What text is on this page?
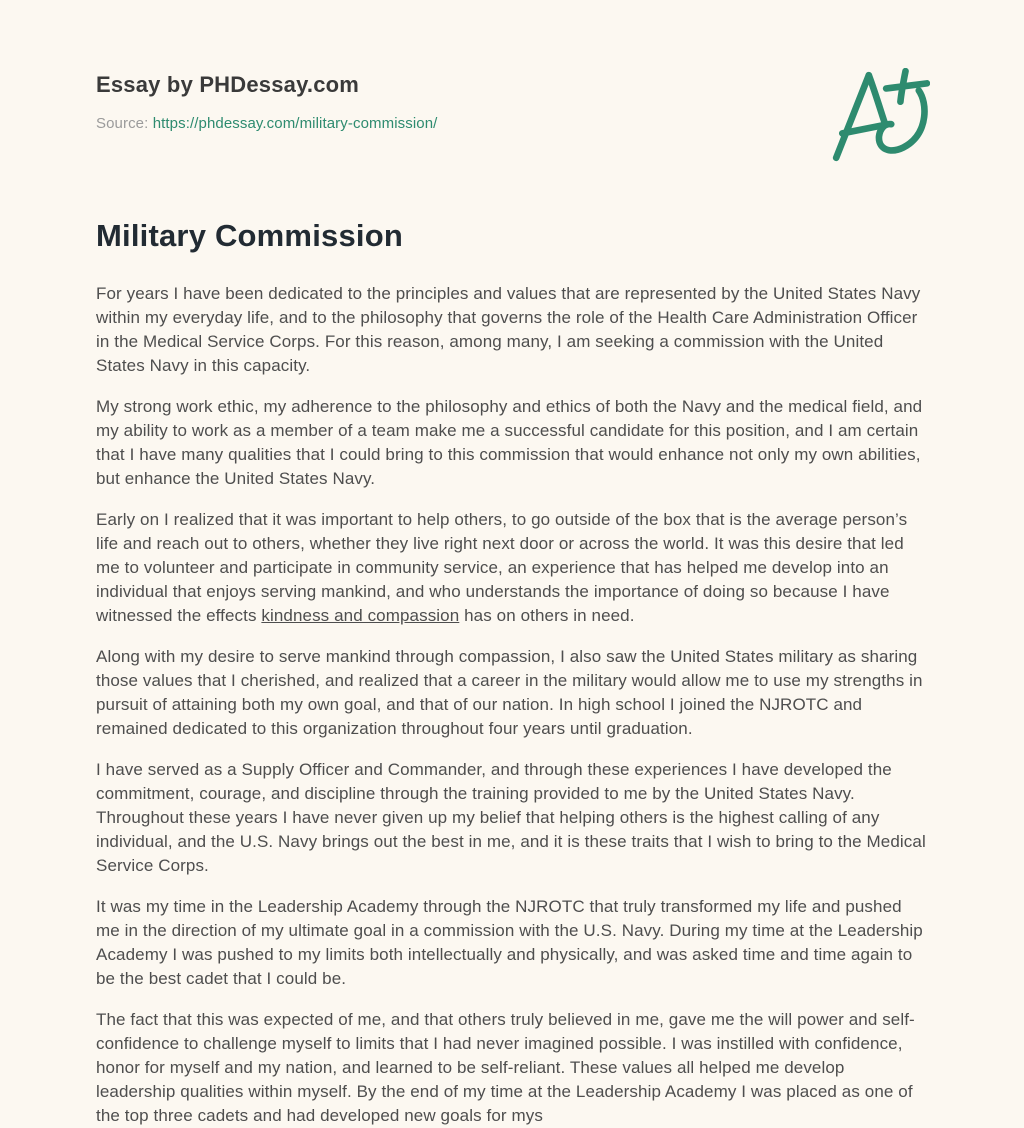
Essay by PHDessay.com
Source: https://phdessay.com/military-commission/
Military Commission

For years I have been dedicated to the principles and values that are represented by the United States Navy within my everyday life, and to the philosophy that governs the role of the Health Care Administration Officer in the Medical Service Corps. For this reason, among many, I am seeking a commission with the United States Navy in this capacity.

My strong work ethic, my adherence to the philosophy and ethics of both the Navy and the medical field, and my ability to work as a member of a team make me a successful candidate for this position, and I am certain that I have many qualities that I could bring to this commission that would enhance not only my own abilities, but enhance the United States Navy.

Early on I realized that it was important to help others, to go outside of the box that is the average person’s life and reach out to others, whether they live right next door or across the world. It was this desire that led me to volunteer and participate in community service, an experience that has helped me develop into an individual that enjoys serving mankind, and who understands the importance of doing so because I have witnessed the effects kindness and compassion has on others in need.

Along with my desire to serve mankind through compassion, I also saw the United States military as sharing those values that I cherished, and realized that a career in the military would allow me to use my strengths in pursuit of attaining both my own goal, and that of our nation. In high school I joined the NJROTC and remained dedicated to this organization throughout four years until graduation.

I have served as a Supply Officer and Commander, and through these experiences I have developed the commitment, courage, and discipline through the training provided to me by the United States Navy. Throughout these years I have never given up my belief that helping others is the highest calling of any individual, and the U.S. Navy brings out the best in me, and it is these traits that I wish to bring to the Medical Service Corps.

It was my time in the Leadership Academy through the NJROTC that truly transformed my life and pushed me in the direction of my ultimate goal in a commission with the U.S. Navy. During my time at the Leadership Academy I was pushed to my limits both intellectually and physically, and was asked time and time again to be the best cadet that I could be.

The fact that this was expected of me, and that others truly believed in me, gave me the will power and self-confidence to challenge myself to limits that I had never imagined possible. I was instilled with confidence, honor for myself and my nation, and learned to be self-reliant. These values all helped me develop leadership qualities within myself. By the end of my time at the Leadership Academy I was placed as one of the top three cadets and had developed new goals for mys
